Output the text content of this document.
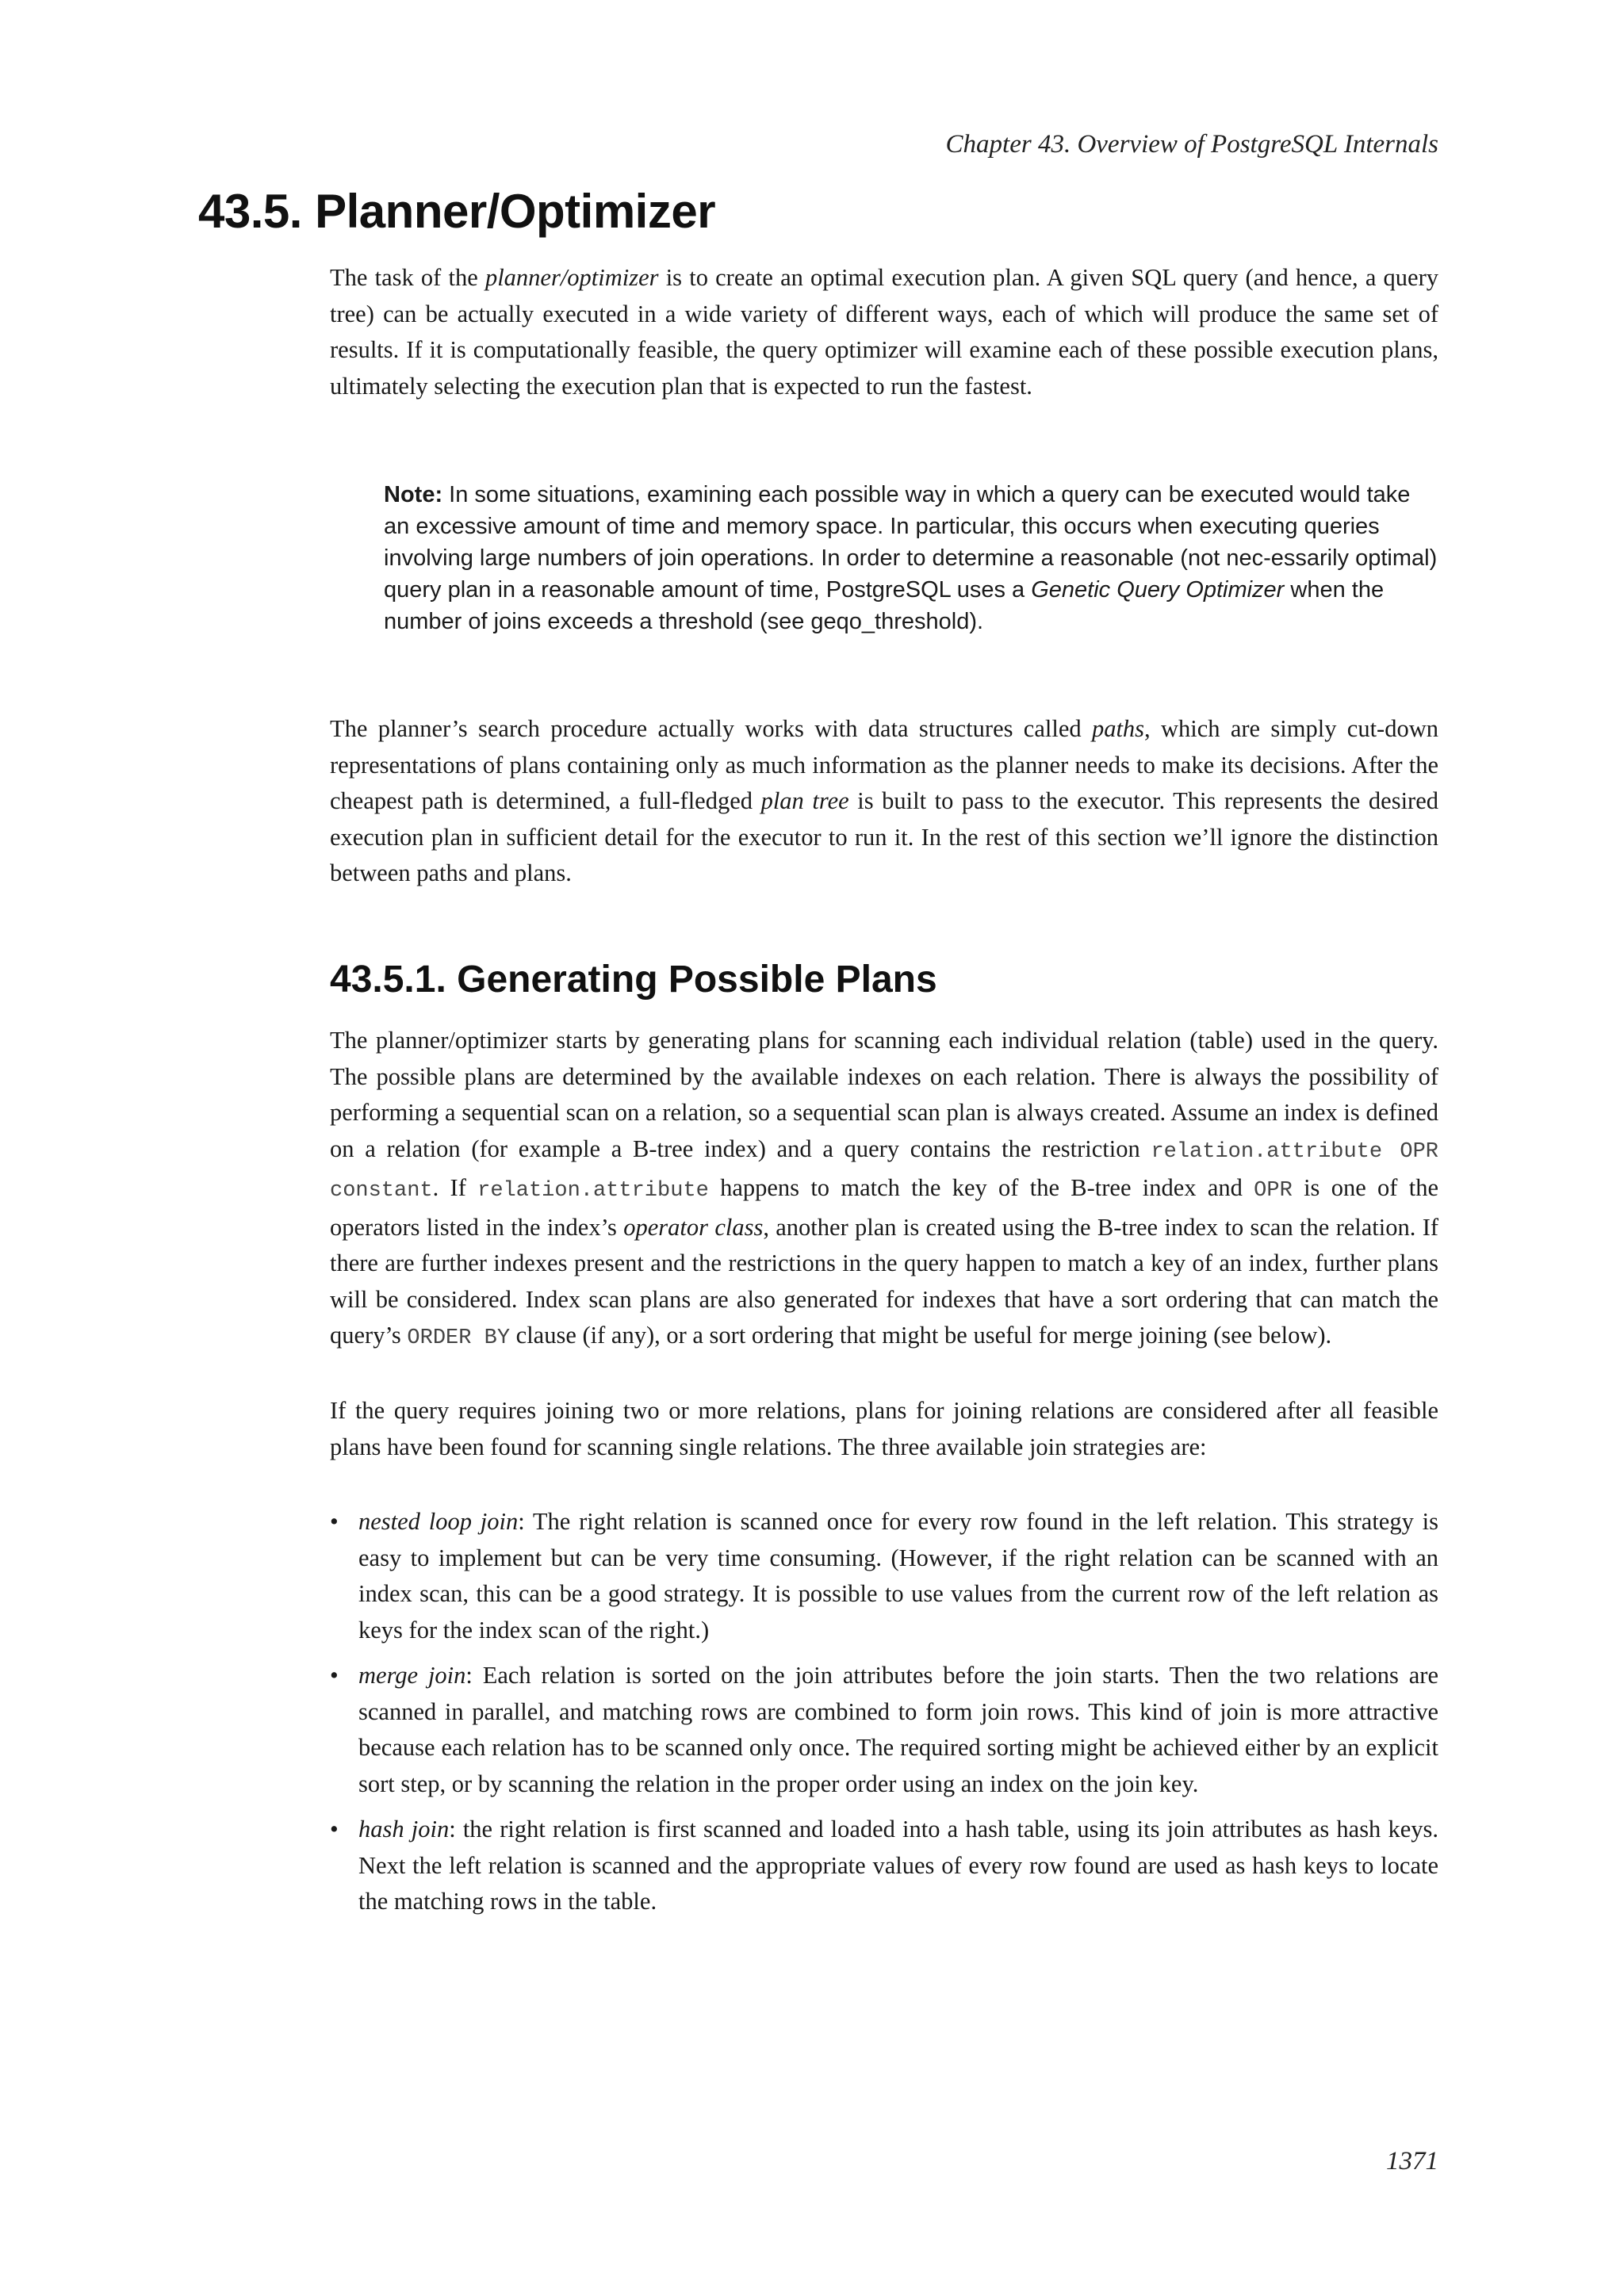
Chapter 43. Overview of PostgreSQL Internals
43.5. Planner/Optimizer

The task of the planner/optimizer is to create an optimal execution plan. A given SQL query (and hence, a query tree) can be actually executed in a wide variety of different ways, each of which will produce the same set of results. If it is computationally feasible, the query optimizer will examine each of these possible execution plans, ultimately selecting the execution plan that is expected to run the fastest.

Note: In some situations, examining each possible way in which a query can be executed would take an excessive amount of time and memory space. In particular, this occurs when executing queries involving large numbers of join operations. In order to determine a reasonable (not nec-essarily optimal) query plan in a reasonable amount of time, PostgreSQL uses a Genetic Query Optimizer when the number of joins exceeds a threshold (see geqo_threshold).

The planner’s search procedure actually works with data structures called paths, which are simply cut-down representations of plans containing only as much information as the planner needs to make its decisions. After the cheapest path is determined, a full-fledged plan tree is built to pass to the executor. This represents the desired execution plan in sufficient detail for the executor to run it. In the rest of this section we’ll ignore the distinction between paths and plans.

43.5.1. Generating Possible Plans

The planner/optimizer starts by generating plans for scanning each individual relation (table) used in the query. The possible plans are determined by the available indexes on each relation. There is always the possibility of performing a sequential scan on a relation, so a sequential scan plan is always created. Assume an index is defined on a relation (for example a B-tree index) and a query contains the restriction relation.attribute OPR constant. If relation.attribute happens to match the key of the B-tree index and OPR is one of the operators listed in the index’s operator class, another plan is created using the B-tree index to scan the relation. If there are further indexes present and the restrictions in the query happen to match a key of an index, further plans will be considered. Index scan plans are also generated for indexes that have a sort ordering that can match the query’s ORDER BY clause (if any), or a sort ordering that might be useful for merge joining (see below).

If the query requires joining two or more relations, plans for joining relations are considered after all feasible plans have been found for scanning single relations. The three available join strategies are:

• nested loop join: The right relation is scanned once for every row found in the left relation. This strategy is easy to implement but can be very time consuming. (However, if the right relation can be scanned with an index scan, this can be a good strategy. It is possible to use values from the current row of the left relation as keys for the index scan of the right.)
• merge join: Each relation is sorted on the join attributes before the join starts. Then the two relations are scanned in parallel, and matching rows are combined to form join rows. This kind of join is more attractive because each relation has to be scanned only once. The required sorting might be achieved either by an explicit sort step, or by scanning the relation in the proper order using an index on the join key.
• hash join: the right relation is first scanned and loaded into a hash table, using its join attributes as hash keys. Next the left relation is scanned and the appropriate values of every row found are used as hash keys to locate the matching rows in the table.
1371
